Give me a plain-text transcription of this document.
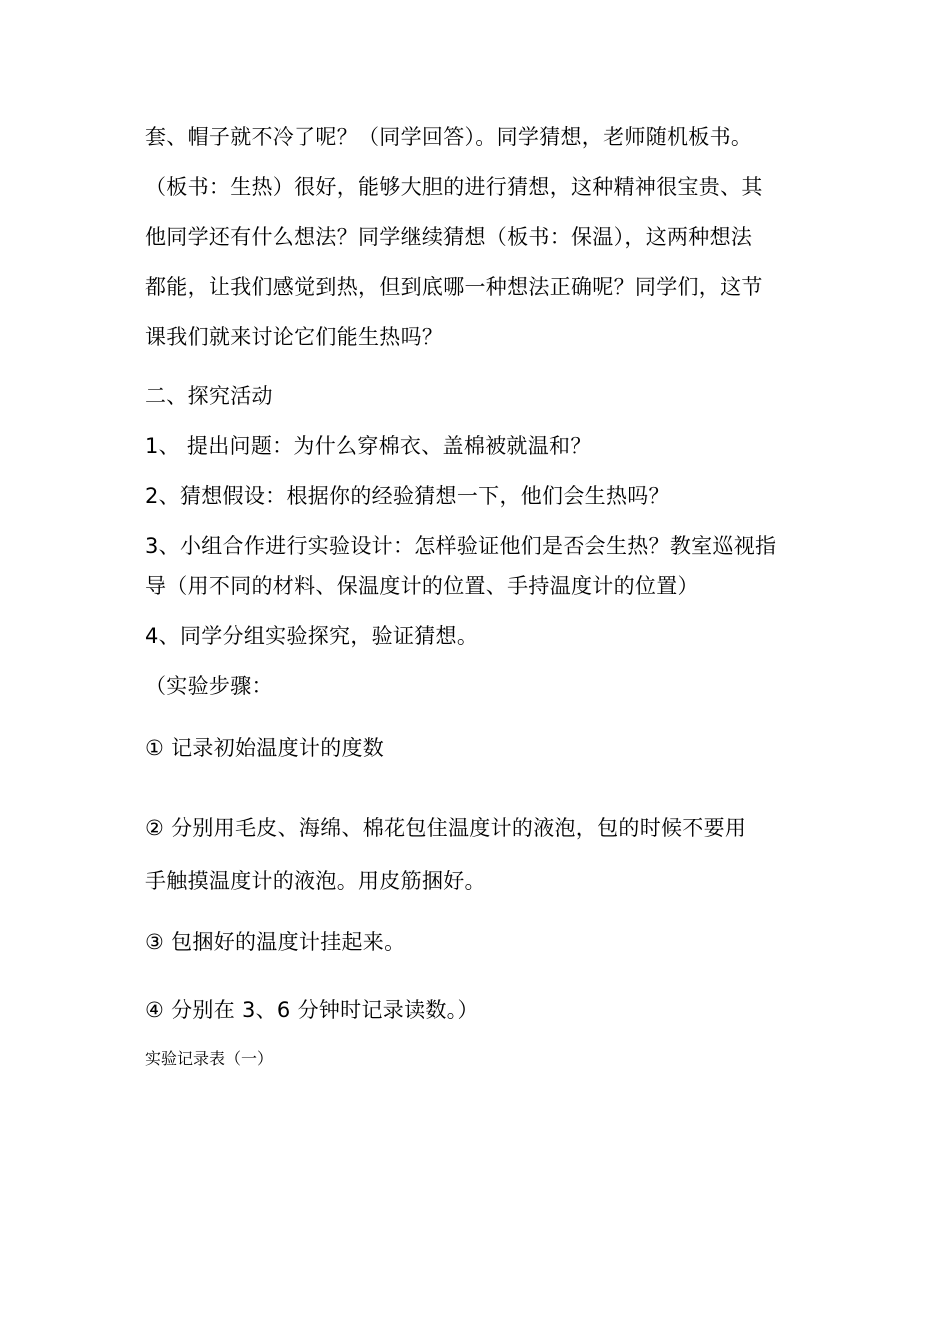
套、帽子就不冷了呢？（同学回答）。同学猜想，老师随机板书。
（板书：生热）很好，能够大胆的进行猜想，这种精神很宝贵、其
他同学还有什么想法？同学继续猜想（板书：保温），这两种想法
都能，让我们感觉到热，但到底哪一种想法正确呢？同学们，这节
课我们就来讨论它们能生热吗？
二、探究活动
1、 提出问题：为什么穿棉衣、盖棉被就温和？
2、猜想假设：根据你的经验猜想一下，他们会生热吗？
3、小组合作进行实验设计：怎样验证他们是否会生热？教室巡视指
导（用不同的材料、保温度计的位置、手持温度计的位置）
4、同学分组实验探究，验证猜想。
（实验步骤：
① 记录初始温度计的度数
② 分别用毛皮、海绵、棉花包住温度计的液泡，包的时候不要用
手触摸温度计的液泡。用皮筋捆好。
③ 包捆好的温度计挂起来。
④ 分别在 3、6 分钟时记录读数。）
实验记录表（一）
